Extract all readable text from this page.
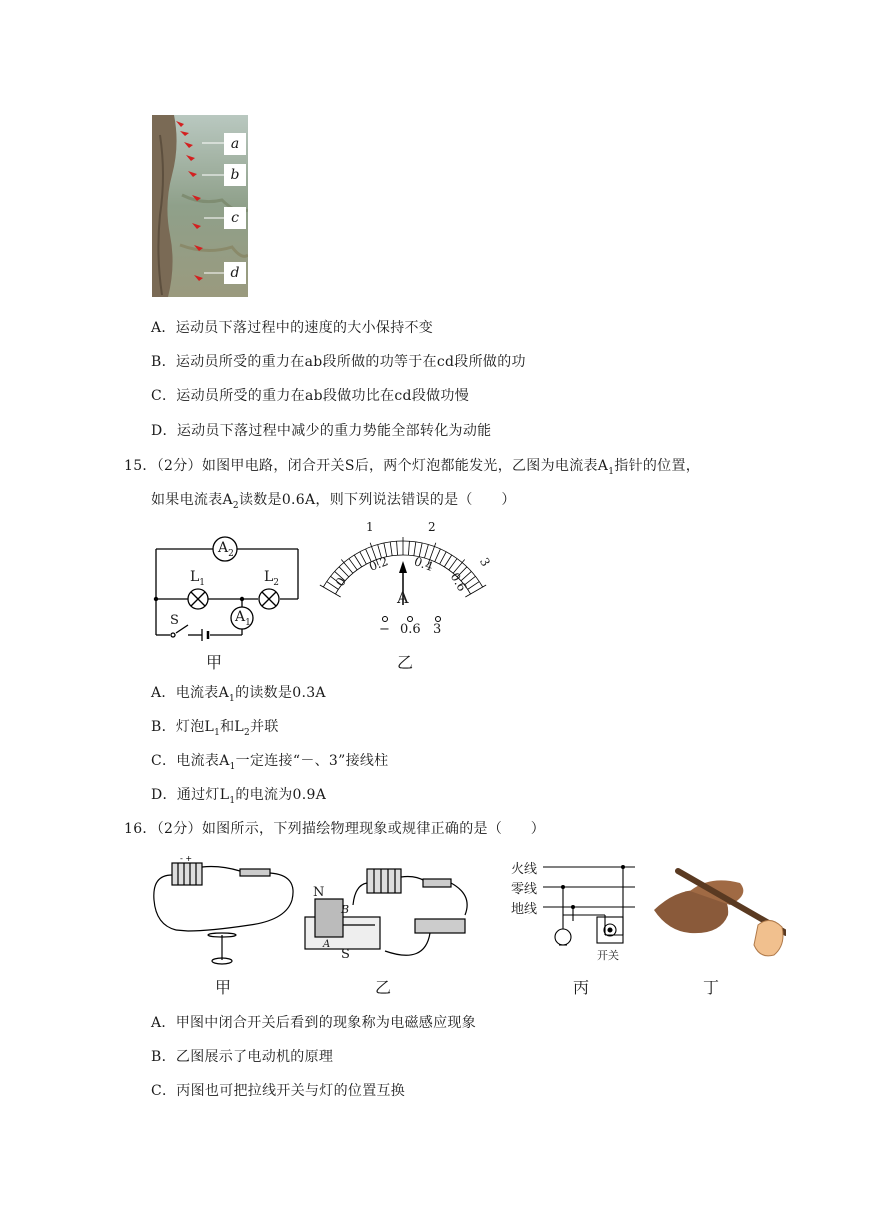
a
b
c
d
A．运动员下落过程中的速度的大小保持不变
B．运动员所受的重力在ab段所做的功等于在cd段所做的功
C．运动员所受的重力在ab段做功比在cd段做功慢
D．运动员下落过程中减少的重力势能全部转化为动能
15．（2分）如图甲电路，闭合开关S后，两个灯泡都能发光，乙图为电流表$A_1$指针的位置，
如果电流表$A_2$读数是0.6A，则下列说法错误的是（　　）
$A_2$
$A_1$
$L_1$	$L_2$
S
甲
1	2
3
0
0.2 0.4
0.6
A
− 0.6 3
乙
A．电流表$A_1$的读数是0.3A
B．灯泡$L_1$和$L_2$并联
C．电流表$A_1$一定连接“－、3”接线柱
D．通过灯$L_1$的电流为0.9A
16．（2分）如图所示，下列描绘物理现象或规律正确的是（　　）
- +
甲
N
B
A
S
乙
火线
零线
地线
开关
丙	丁
A．甲图中闭合开关后看到的现象称为电磁感应现象
B．乙图展示了电动机的原理
C．丙图也可把拉线开关与灯的位置互换
